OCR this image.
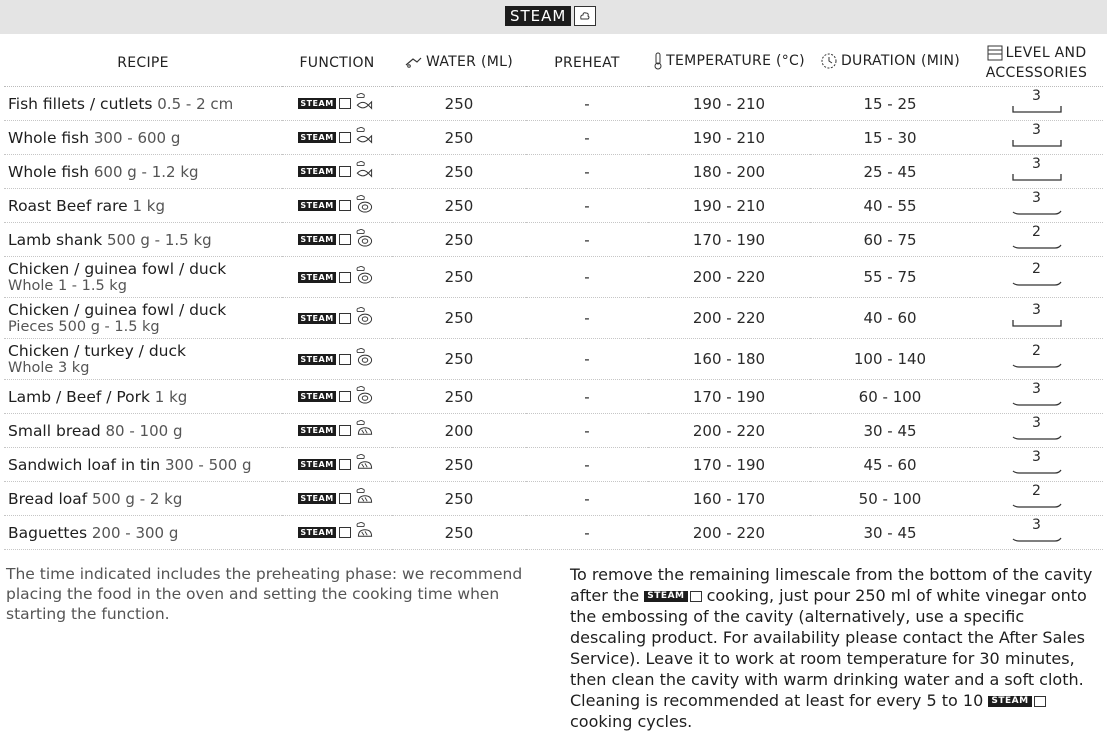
STEAM
RECIPE	FUNCTION	WATER (ML)	PREHEAT	TEMPERATURE (°C)	DURATION (MIN)	LEVEL AND

ACCESSORIES
Fish fillets / cutlets 0.5 - 2 cm	STEAM	250	-	190 - 210	15 - 25	3

Whole fish 300 - 600 g	STEAM	250	-	190 - 210	15 - 30	3

Whole fish 600 g - 1.2 kg	STEAM	250	-	180 - 200	25 - 45	3

Roast Beef rare 1 kg	STEAM	250	-	190 - 210	40 - 55	3

Lamb shank 500 g - 1.5 kg	STEAM	250	-	170 - 190	60 - 75	2

Chicken / guinea fowl / duck
Whole 1 - 1.5 kg	STEAM	250	-	200 - 220	55 - 75	2

Chicken / guinea fowl / duck
Pieces 500 g - 1.5 kg	STEAM	250	-	200 - 220	40 - 60	3

Chicken / turkey / duck
Whole 3 kg	STEAM	250	-	160 - 180	100 - 140	2

Lamb / Beef / Pork 1 kg	STEAM	250	-	170 - 190	60 - 100	3

Small bread 80 - 100 g	STEAM	200	-	200 - 220	30 - 45	3

Sandwich loaf in tin 300 - 500 g	STEAM	250	-	170 - 190	45 - 60	3

Bread loaf 500 g - 2 kg	STEAM	250	-	160 - 170	50 - 100	2

Baguettes 200 - 300 g	STEAM	250	-	200 - 220	30 - 45	3
The time indicated includes the preheating phase: we recommend placing the food in the oven and setting the cooking time when starting the function.
To remove the remaining limescale from the bottom of the cavity after the STEAM cooking, just pour 250 ml of white vinegar onto the embossing of the cavity (alternatively, use a specific descaling product. For availability please contact the After Sales Service). Leave it to work at room temperature for 30 minutes, then clean the cavity with warm drinking water and a soft cloth. Cleaning is recommended at least for every 5 to 10 STEAM
cooking cycles.
